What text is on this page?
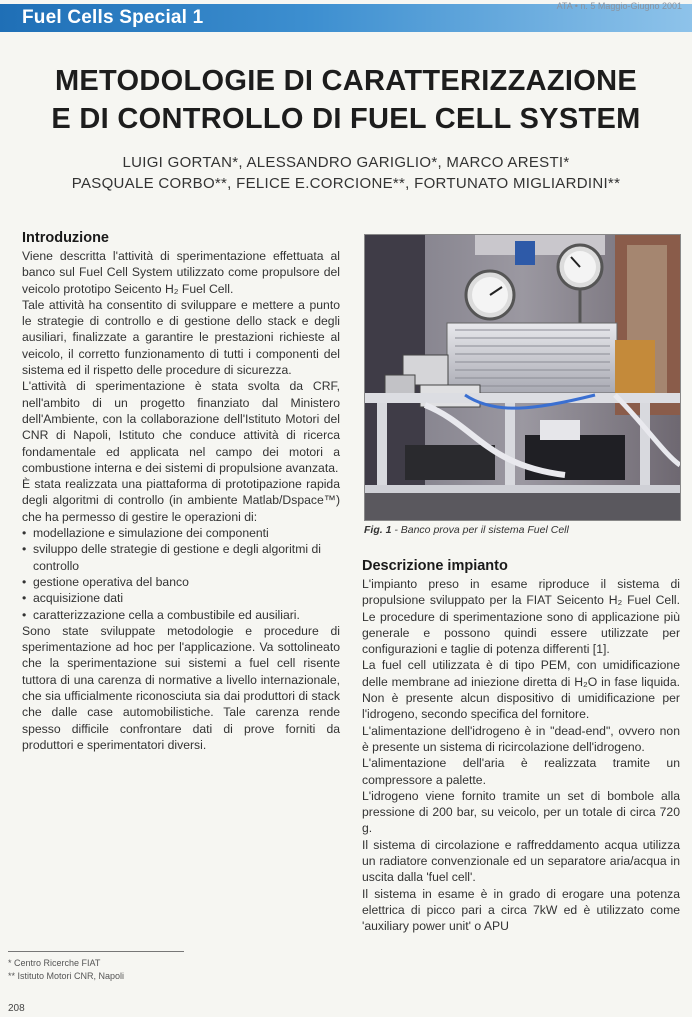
Fuel Cells Special 1
ATA • n. 5 Maggio-Giugno 2001
METODOLOGIE DI CARATTERIZZAZIONE
E DI CONTROLLO DI FUEL CELL SYSTEM
LUIGI GORTAN*, ALESSANDRO GARIGLIO*, MARCO ARESTI*
PASQUALE CORBO**, FELICE E.CORCIONE**, FORTUNATO MIGLIARDINI**
Introduzione

Viene descritta l'attività di sperimentazione effettuata al banco sul Fuel Cell System utilizzato come propulsore del veicolo prototipo Seicento H₂ Fuel Cell.

Tale attività ha consentito di sviluppare e mettere a punto le strategie di controllo e di gestione dello stack e degli ausiliari, finalizzate a garantire le prestazioni richieste al veicolo, il corretto funzionamento di tutti i componenti del sistema ed il rispetto delle procedure di sicurezza.

L'attività di sperimentazione è stata svolta da CRF, nell'ambito di un progetto finanziato dal Ministero dell'Ambiente, con la collaborazione dell'Istituto Motori del CNR di Napoli, Istituto che conduce attività di ricerca fondamentale ed applicata nel campo dei motori a combustione interna e dei sistemi di propulsione avanzata.

È stata realizzata una piattaforma di prototipazione rapida degli algoritmi di controllo (in ambiente Matlab/Dspace™) che ha permesso di gestire le operazioni di:

• modellazione e simulazione dei componenti
• sviluppo delle strategie di gestione e degli algoritmi di controllo
• gestione operativa del banco
• acquisizione dati
• caratterizzazione cella a combustibile ed ausiliari.

Sono state sviluppate metodologie e procedure di sperimentazione ad hoc per l'applicazione. Va sottolineato che la sperimentazione sui sistemi a fuel cell risente tuttora di una carenza di normative a livello internazionale, che sia ufficialmente riconosciuta sia dai produttori di stack che dalle case automobilistiche. Tale carenza rende spesso difficile confrontare dati di prove forniti da produttori e sperimentatori diversi.

Fig. 1 - Banco prova per il sistema Fuel Cell
Descrizione impianto

L'impianto preso in esame riproduce il sistema di propulsione sviluppato per la FIAT Seicento H₂ Fuel Cell. Le procedure di sperimentazione sono di applicazione più generale e possono quindi essere utilizzate per configurazioni e taglie di potenza differenti [1].

La fuel cell utilizzata è di tipo PEM, con umidificazione delle membrane ad iniezione diretta di H₂O in fase liquida. Non è presente alcun dispositivo di umidificazione per l'idrogeno, secondo specifica del fornitore.

L'alimentazione dell'idrogeno è in "dead-end", ovvero non è presente un sistema di ricircolazione dell'idrogeno.

L'alimentazione dell'aria è realizzata tramite un compressore a palette.

L'idrogeno viene fornito tramite un set di bombole alla pressione di 200 bar, su veicolo, per un totale di circa 720 g.

Il sistema di circolazione e raffreddamento acqua utilizza un radiatore convenzionale ed un separatore aria/acqua in uscita dalla 'fuel cell'.

Il sistema in esame è in grado di erogare una potenza elettrica di picco pari a circa 7kW ed è utilizzato come 'auxiliary power unit' o APU

* Centro Ricerche FIAT
** Istituto Motori CNR, Napoli
208
